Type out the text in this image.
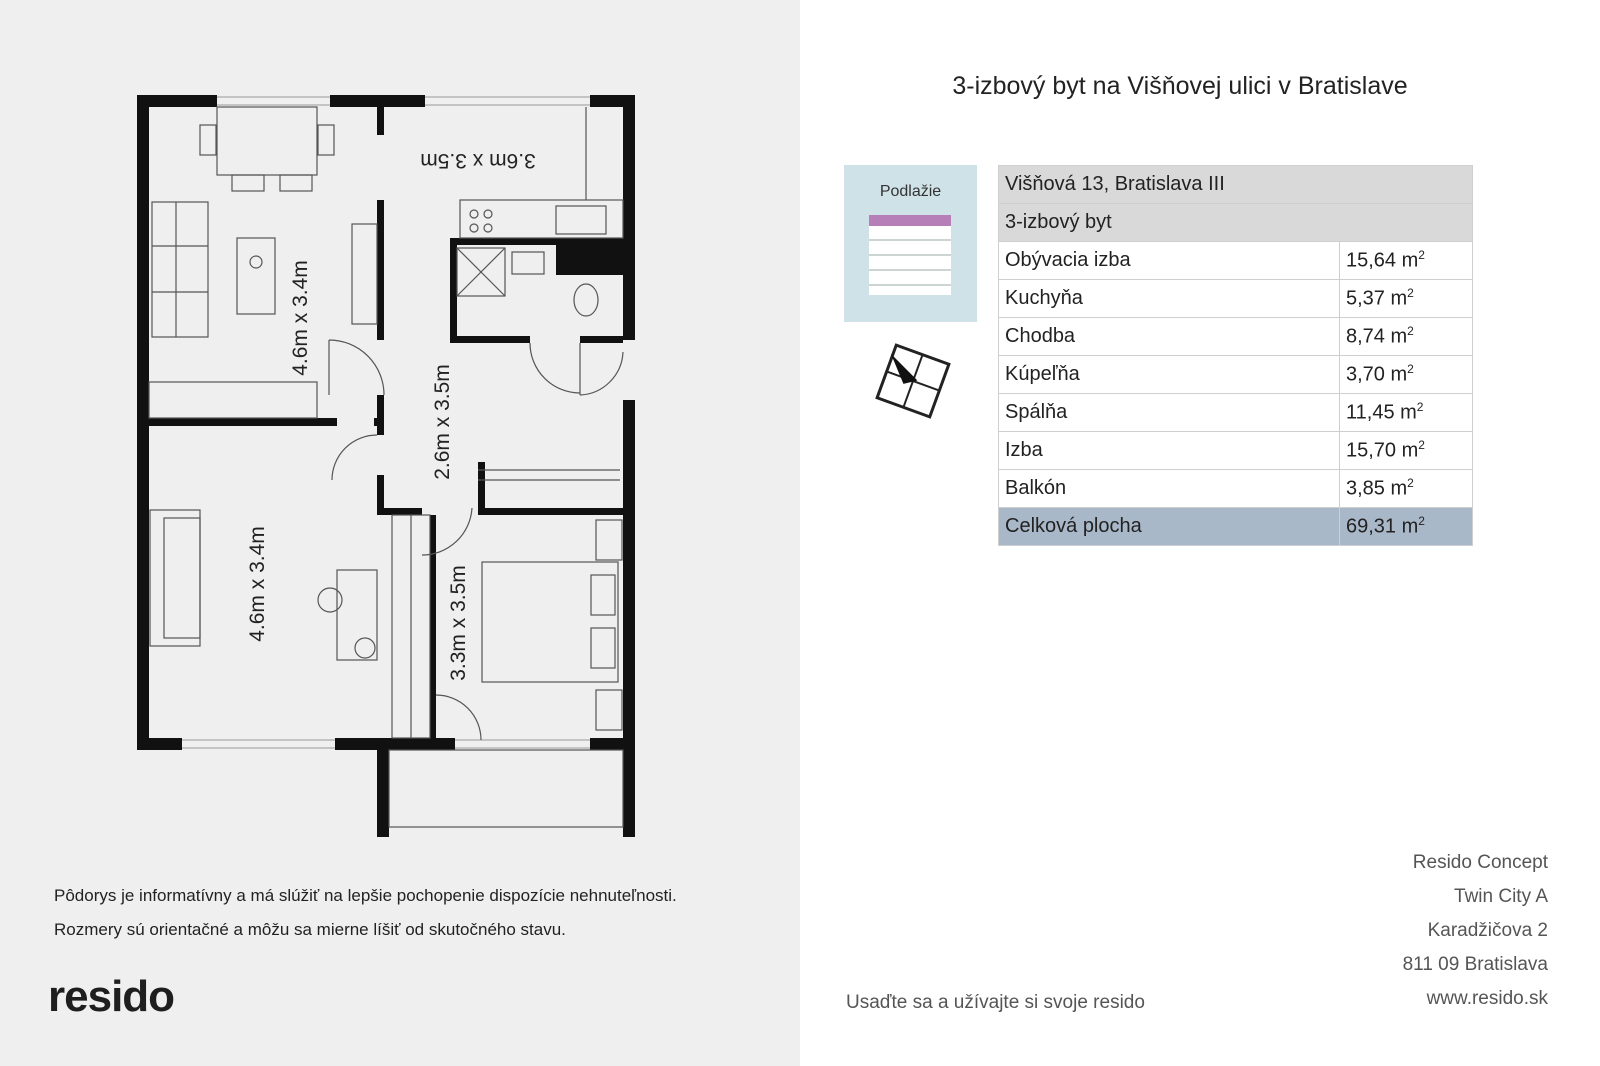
3.6m x 3.5m
4.6m x 3.4m
2.6m x 3.5m
4.6m x 3.4m	3.3m x 3.5m
Pôdorys je informatívny a má slúžiť na lepšie pochopenie dispozície nehnuteľnosti.
Rozmery sú orientačné a môžu sa mierne líšiť od skutočného stavu.
resido
3-izbový byt na Višňovej ulici v Bratislave
Podlažie	Višňová 13, Bratislava III	
3-izbový byt	
Obývacia izba	15,64 $m^2$
Kuchyňa	5,37 $m^2$
Chodba	8,74 $m^2$
Kúpeľňa	3,70 $m^2$
Spálňa	11,45 $m^2$
Izba	15,70 $m^2$
Balkón	3,85 $m^2$
Celková plocha	69,31 $m^2$
Resido Concept
Twin City A
Karadžičova 2
811 09 Bratislava
www.resido.sk
Usaďte sa a užívajte si svoje resido
